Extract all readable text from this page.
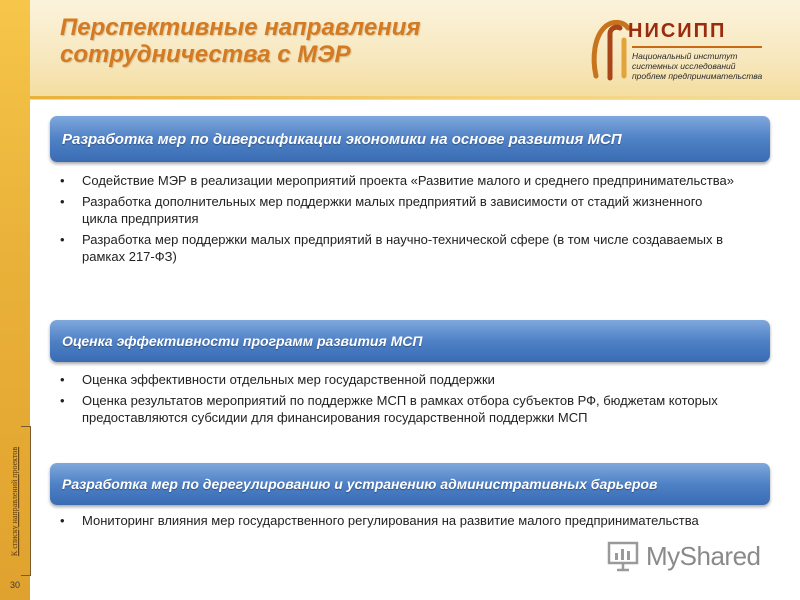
К списку направлений проектов
30
Перспективные направления
сотрудничества с МЭР
НИСИПП
Национальный институт
системных исследований
проблем предпринимательства
Разработка мер по диверсификации экономики на основе развития МСП
• Содействие МЭР в реализации мероприятий проекта «Развитие малого и среднего предпринимательства»
• Разработка дополнительных мер поддержки малых предприятий в зависимости от стадий жизненного цикла предприятия
• Разработка мер поддержки малых предприятий в научно-технической сфере (в том числе создаваемых в рамках 217-ФЗ)
Оценка эффективности программ развития МСП
• Оценка эффективности отдельных мер государственной поддержки
• Оценка результатов мероприятий по поддержке МСП в рамках отбора субъектов РФ, бюджетам которых предоставляются субсидии для финансирования государственной поддержки МСП
Разработка мер по дерегулированию и устранению административных барьеров
• Мониторинг влияния мер государственного регулирования на развитие малого предпринимательства
MyShared
